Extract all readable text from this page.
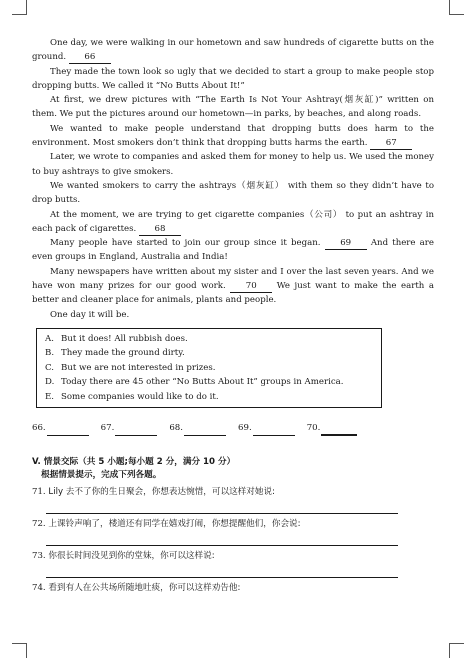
One day, we were walking in our hometown and saw hundreds of cigarette butts on the ground. 66

They made the town look so ugly that we decided to start a group to make people stop dropping butts. We called it “No Butts About It!”

At first, we drew pictures with “The Earth Is Not Your Ashtray(烟灰缸)” written on them. We put the pictures around our hometown—in parks, by beaches, and along roads.

We wanted to make people understand that dropping butts does harm to the environment. Most smokers don’t think that dropping butts harms the earth. 67

Later, we wrote to companies and asked them for money to help us. We used the money to buy ashtrays to give smokers.

We wanted smokers to carry the ashtrays（烟灰缸） with them so they didn’t have to drop butts.

At the moment, we are trying to get cigarette companies（公司） to put an ashtray in each pack of cigarettes. 68

Many people have started to join our group since it began. 69 And there are even groups in England, Australia and India!

Many newspapers have written about my sister and I over the last seven years. And we have won many prizes for our good work. 70 We just want to make the earth a better and cleaner place for animals, plants and people.

One day it will be.

A. But it does! All rubbish does.
B. They made the ground dirty.
C. But we are not interested in prizes.
D. Today there are 45 other “No Butts About It” groups in America.
E. Some companies would like to do it.
66.	67.	68.	69.	70.
V. 情景交际（共 5 小题;每小题 2 分，满分 10 分）
根据情景提示，完成下列各题。
71. Lily 去不了你的生日聚会，你想表达惋惜，可以这样对她说:
72. 上课铃声响了，楼道还有同学在嬉戏打闹，你想提醒他们，你会说:
73. 你很长时间没见到你的堂妹，你可以这样说:
74. 看到有人在公共场所随地吐痰，你可以这样劝告他:
